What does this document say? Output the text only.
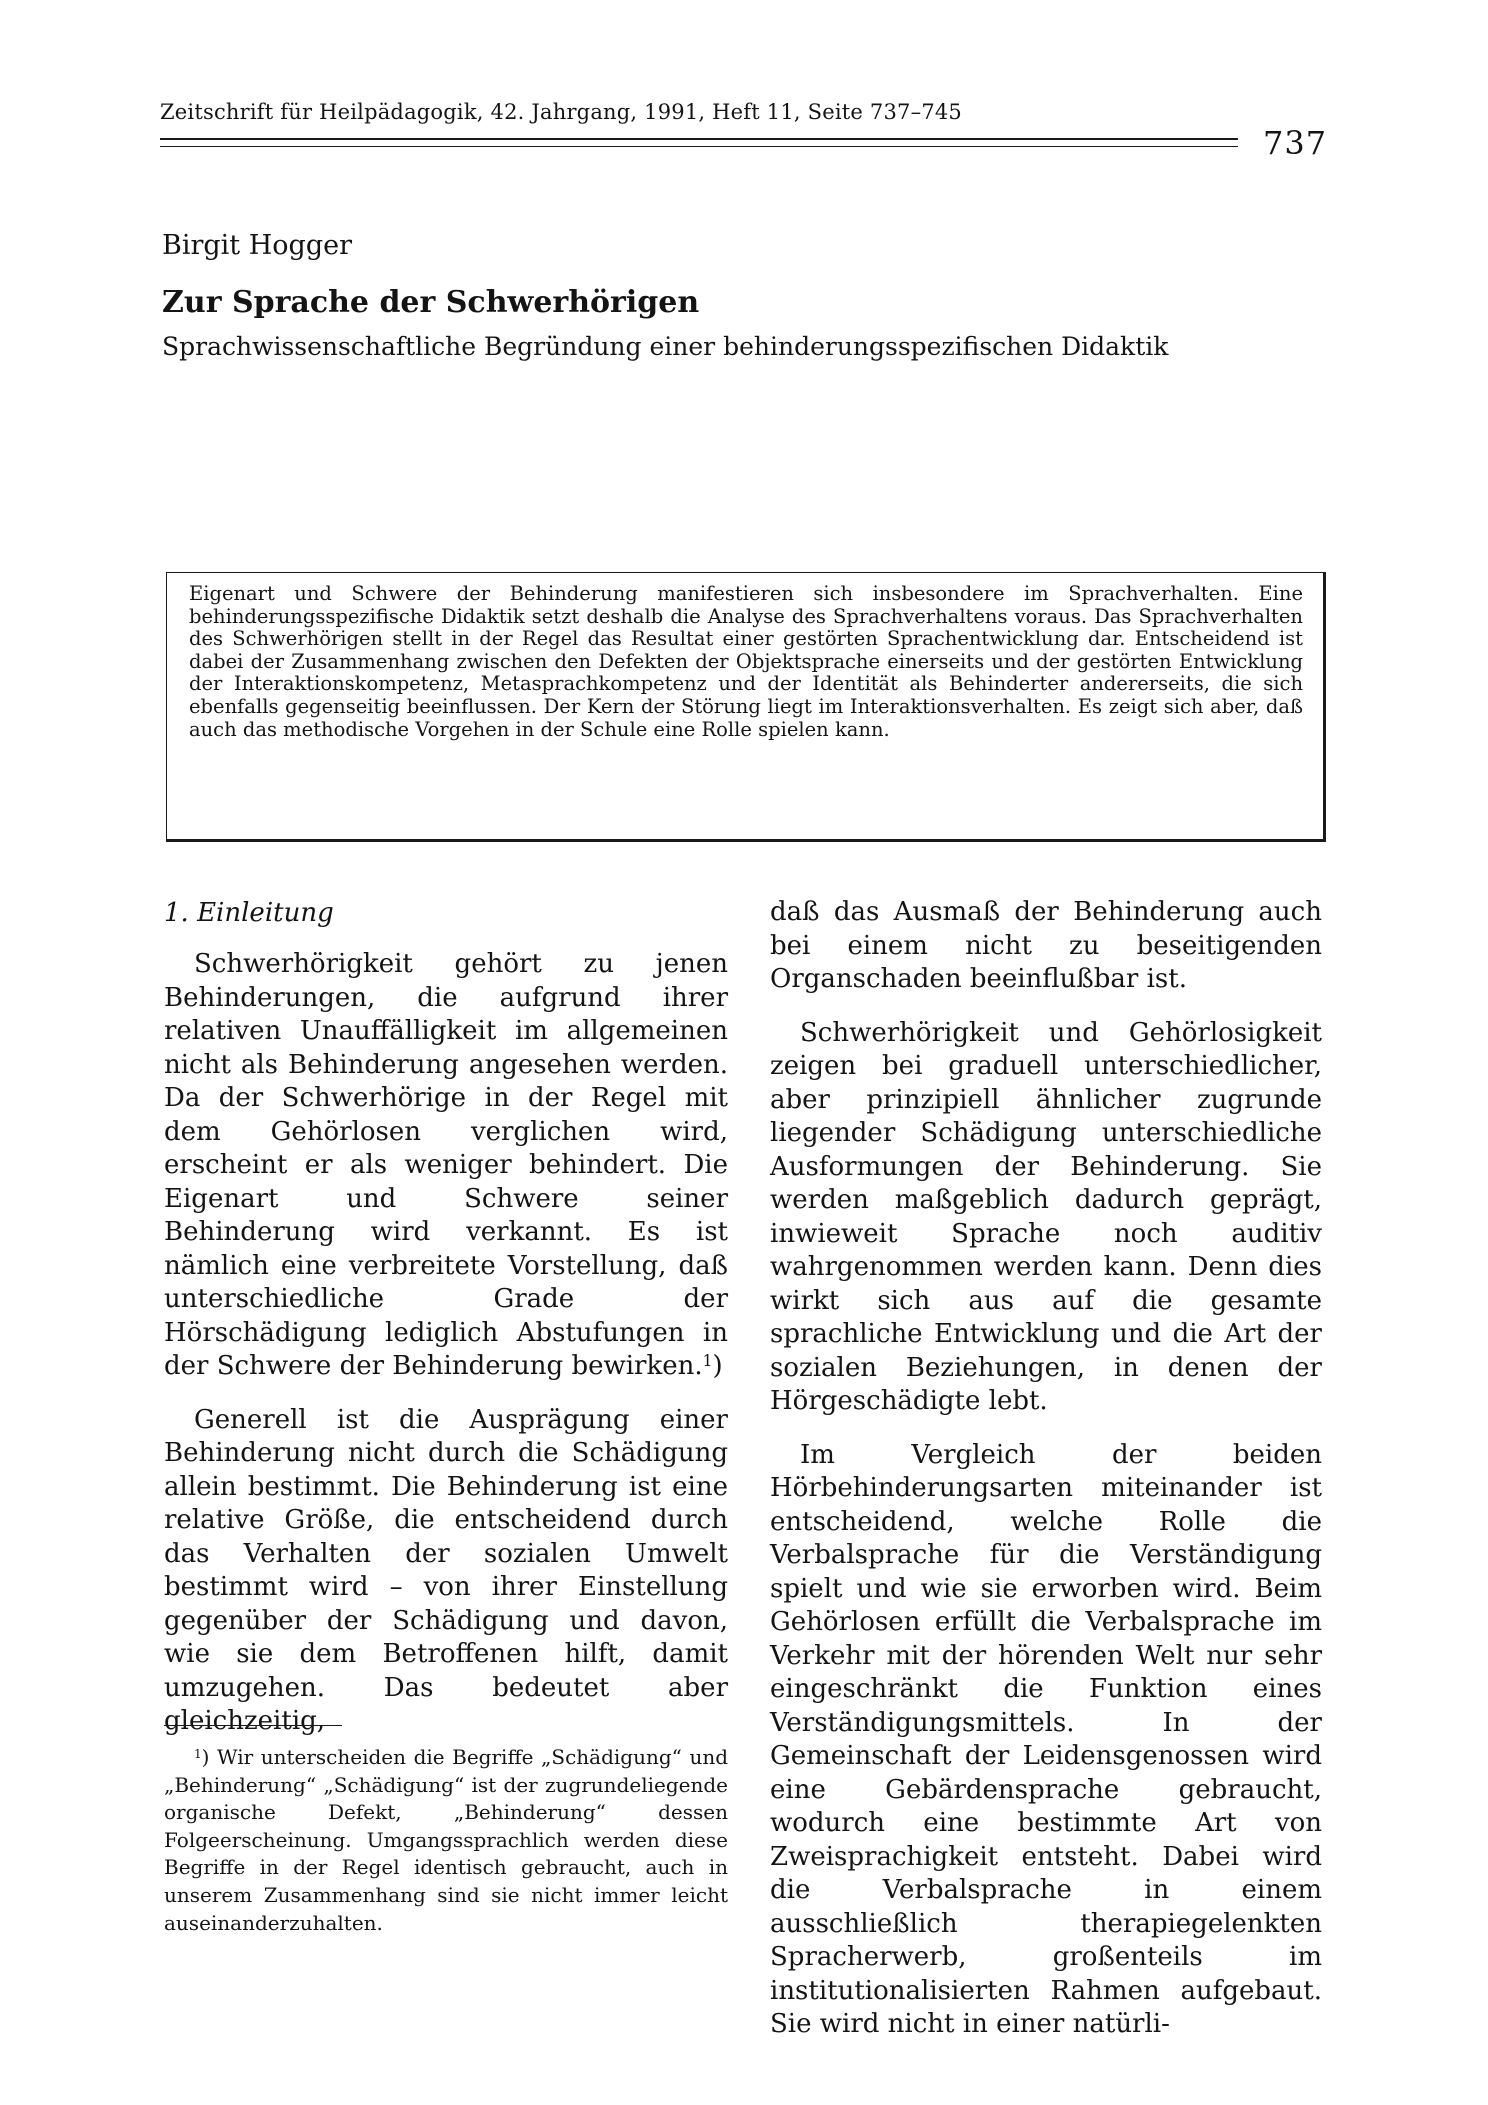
Zeitschrift für Heilpädagogik, 42. Jahrgang, 1991, Heft 11, Seite 737–745
737
Birgit Hogger
Zur Sprache der Schwerhörigen
Sprachwissenschaftliche Begründung einer behinderungsspezifischen Didaktik

Eigenart und Schwere der Behinderung manifestieren sich insbesondere im Sprachverhalten. Eine behinderungsspezifische Didaktik setzt deshalb die Analyse des Sprachverhaltens voraus. Das Sprachverhalten des Schwerhörigen stellt in der Regel das Resultat einer gestörten Sprachentwicklung dar. Entscheidend ist dabei der Zusammenhang zwischen den Defekten der Objektsprache einerseits und der gestörten Entwicklung der Interaktionskompetenz, Metasprachkompetenz und der Identität als Behinderter andererseits, die sich ebenfalls gegenseitig beeinflussen. Der Kern der Störung liegt im Interaktionsverhalten. Es zeigt sich aber, daß auch das methodische Vorgehen in der Schule eine Rolle spielen kann.

1. Einleitung

Schwerhörigkeit gehört zu jenen Behinderungen, die aufgrund ihrer relativen Unauffälligkeit im allgemeinen nicht als Behinderung angesehen werden. Da der Schwerhörige in der Regel mit dem Gehörlosen verglichen wird, erscheint er als weniger behindert. Die Eigenart und Schwere seiner Behinderung wird verkannt. Es ist nämlich eine verbreitete Vorstellung, daß unterschiedliche Grade der Hörschädigung lediglich Abstufungen in der Schwere der Behinderung bewirken.$^1$)

Generell ist die Ausprägung einer Behinderung nicht durch die Schädigung allein bestimmt. Die Behinderung ist eine relative Größe, die entscheidend durch das Verhalten der sozialen Umwelt bestimmt wird – von ihrer Einstellung gegenüber der Schädigung und davon, wie sie dem Betroffenen hilft, damit umzugehen. Das bedeutet aber gleichzeitig,

$^1$) Wir unterscheiden die Begriffe „Schädigung“ und „Behinderung“ „Schädigung“ ist der zugrundeliegende organische Defekt, „Behinderung“ dessen Folgeerscheinung. Umgangssprachlich werden diese Begriffe in der Regel identisch gebraucht, auch in unserem Zusammenhang sind sie nicht immer leicht auseinanderzuhalten.

daß das Ausmaß der Behinderung auch bei einem nicht zu beseitigenden Organschaden beeinflußbar ist.

Schwerhörigkeit und Gehörlosigkeit zeigen bei graduell unterschiedlicher, aber prinzipiell ähnlicher zugrunde liegender Schädigung unterschiedliche Ausformungen der Behinderung. Sie werden maßgeblich dadurch geprägt, inwieweit Sprache noch auditiv wahrgenommen werden kann. Denn dies wirkt sich aus auf die gesamte sprachliche Entwicklung und die Art der sozialen Beziehungen, in denen der Hörgeschädigte lebt.

Im Vergleich der beiden Hörbehinderungsarten miteinander ist entscheidend, welche Rolle die Verbalsprache für die Verständigung spielt und wie sie erworben wird. Beim Gehörlosen erfüllt die Verbalsprache im Verkehr mit der hörenden Welt nur sehr eingeschränkt die Funktion eines Verständigungsmittels. In der Gemeinschaft der Leidensgenossen wird eine Gebärdensprache gebraucht, wodurch eine bestimmte Art von Zweisprachigkeit entsteht. Dabei wird die Verbalsprache in einem ausschließlich therapiegelenkten Spracherwerb, großenteils im institutionalisierten Rahmen aufgebaut. Sie wird nicht in einer natürli-
